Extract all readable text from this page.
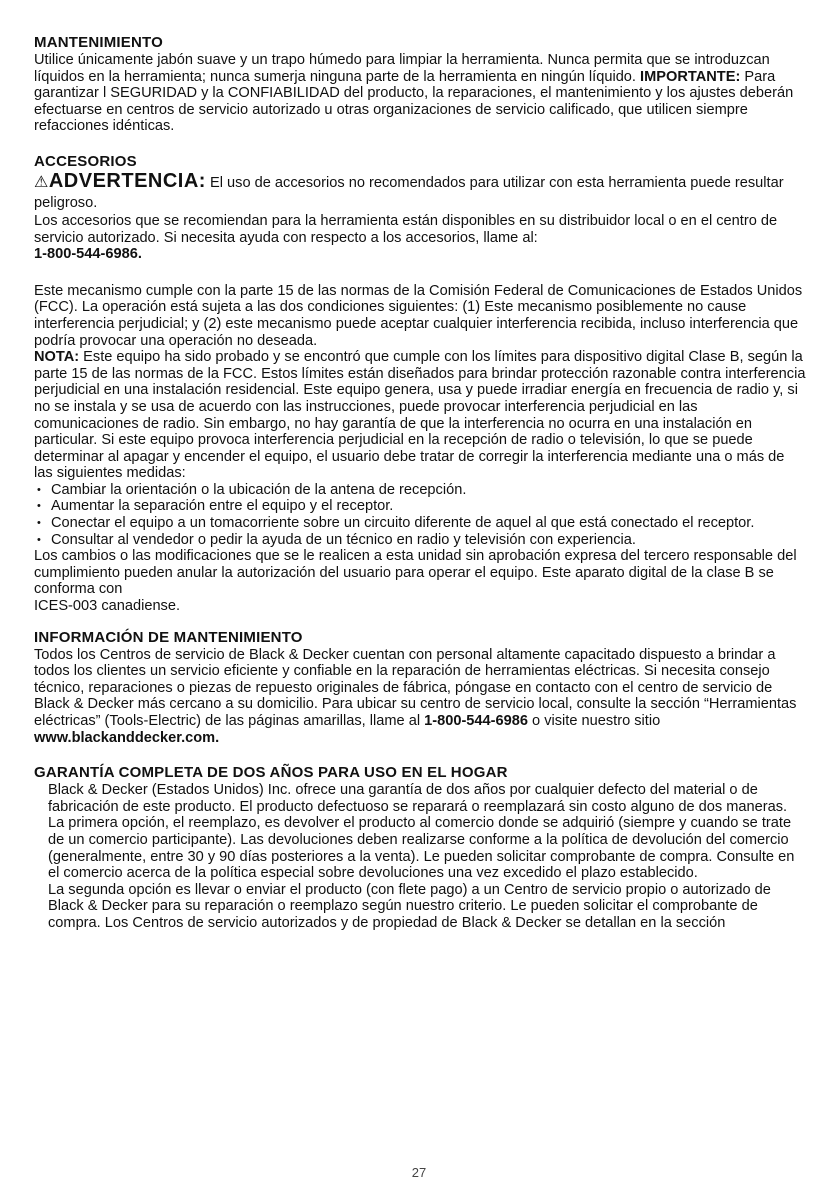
MANTENIMIENTO

Utilice únicamente jabón suave y un trapo húmedo para limpiar la herramienta. Nunca permita que se introduzcan líquidos en la herramienta; nunca sumerja ninguna parte de la herramienta en ningún líquido. IMPORTANTE: Para garantizar l SEGURIDAD y la CONFIABILIDAD del producto, la reparaciones, el mantenimiento y los ajustes deberán efectuarse en centros de servicio autorizado u otras organizaciones de servicio calificado, que utilicen siempre refacciones idénticas.

ACCESORIOS

⚠ADVERTENCIA: El uso de accesorios no recomendados para utilizar con esta herramienta puede resultar peligroso.

Los accesorios que se recomiendan para la herramienta están disponibles en su distribuidor local o en el centro de servicio autorizado. Si necesita ayuda con respecto a los accesorios, llame al:

1-800-544-6986.

Este mecanismo cumple con la parte 15 de las normas de la Comisión Federal de Comunicaciones de Estados Unidos (FCC). La operación está sujeta a las dos condiciones siguientes: (1) Este mecanismo posiblemente no cause interferencia perjudicial; y (2) este mecanismo puede aceptar cualquier interferencia recibida, incluso interferencia que podría provocar una operación no deseada.

NOTA: Este equipo ha sido probado y se encontró que cumple con los límites para dispositivo digital Clase B, según la parte 15 de las normas de la FCC. Estos límites están diseñados para brindar protección razonable contra interferencia perjudicial en una instalación residencial. Este equipo genera, usa y puede irradiar energía en frecuencia de radio y, si no se instala y se usa de acuerdo con las instrucciones, puede provocar interferencia perjudicial en las comunicaciones de radio. Sin embargo, no hay garantía de que la interferencia no ocurra en una instalación en particular. Si este equipo provoca interferencia perjudicial en la recepción de radio o televisión, lo que se puede determinar al apagar y encender el equipo, el usuario debe tratar de corregir la interferencia mediante una o más de las siguientes medidas:

• Cambiar la orientación o la ubicación de la antena de recepción.
• Aumentar la separación entre el equipo y el receptor.
• Conectar el equipo a un tomacorriente sobre un circuito diferente de aquel al que está conectado el receptor.
• Consultar al vendedor o pedir la ayuda de un técnico en radio y televisión con experiencia.

Los cambios o las modificaciones que se le realicen a esta unidad sin aprobación expresa del tercero responsable del cumplimiento pueden anular la autorización del usuario para operar el equipo. Este aparato digital de la clase B se conforma con

ICES-003 canadiense.

INFORMACIÓN DE MANTENIMIENTO

Todos los Centros de servicio de Black & Decker cuentan con personal altamente capacitado dispuesto a brindar a todos los clientes un servicio eficiente y confiable en la reparación de herramientas eléctricas. Si necesita consejo técnico, reparaciones o piezas de repuesto originales de fábrica, póngase en contacto con el centro de servicio de Black & Decker más cercano a su domicilio. Para ubicar su centro de servicio local, consulte la sección “Herramientas eléctricas” (Tools-Electric) de las páginas amarillas, llame al 1-800-544-6986 o visite nuestro sitio

www.blackanddecker.com.

GARANTÍA COMPLETA DE DOS AÑOS PARA USO EN EL HOGAR

Black & Decker (Estados Unidos) Inc. ofrece una garantía de dos años por cualquier defecto del material o de fabricación de este producto. El producto defectuoso se reparará o reemplazará sin costo alguno de dos maneras.

La primera opción, el reemplazo, es devolver el producto al comercio donde se adquirió (siempre y cuando se trate de un comercio participante). Las devoluciones deben realizarse conforme a la política de devolución del comercio (generalmente, entre 30 y 90 días posteriores a la venta). Le pueden solicitar comprobante de compra. Consulte en el comercio acerca de la política especial sobre devoluciones una vez excedido el plazo establecido.

La segunda opción es llevar o enviar el producto (con flete pago) a un Centro de servicio propio o autorizado de Black & Decker para su reparación o reemplazo según nuestro criterio. Le pueden solicitar el comprobante de compra. Los Centros de servicio autorizados y de propiedad de Black & Decker se detallan en la sección

27
